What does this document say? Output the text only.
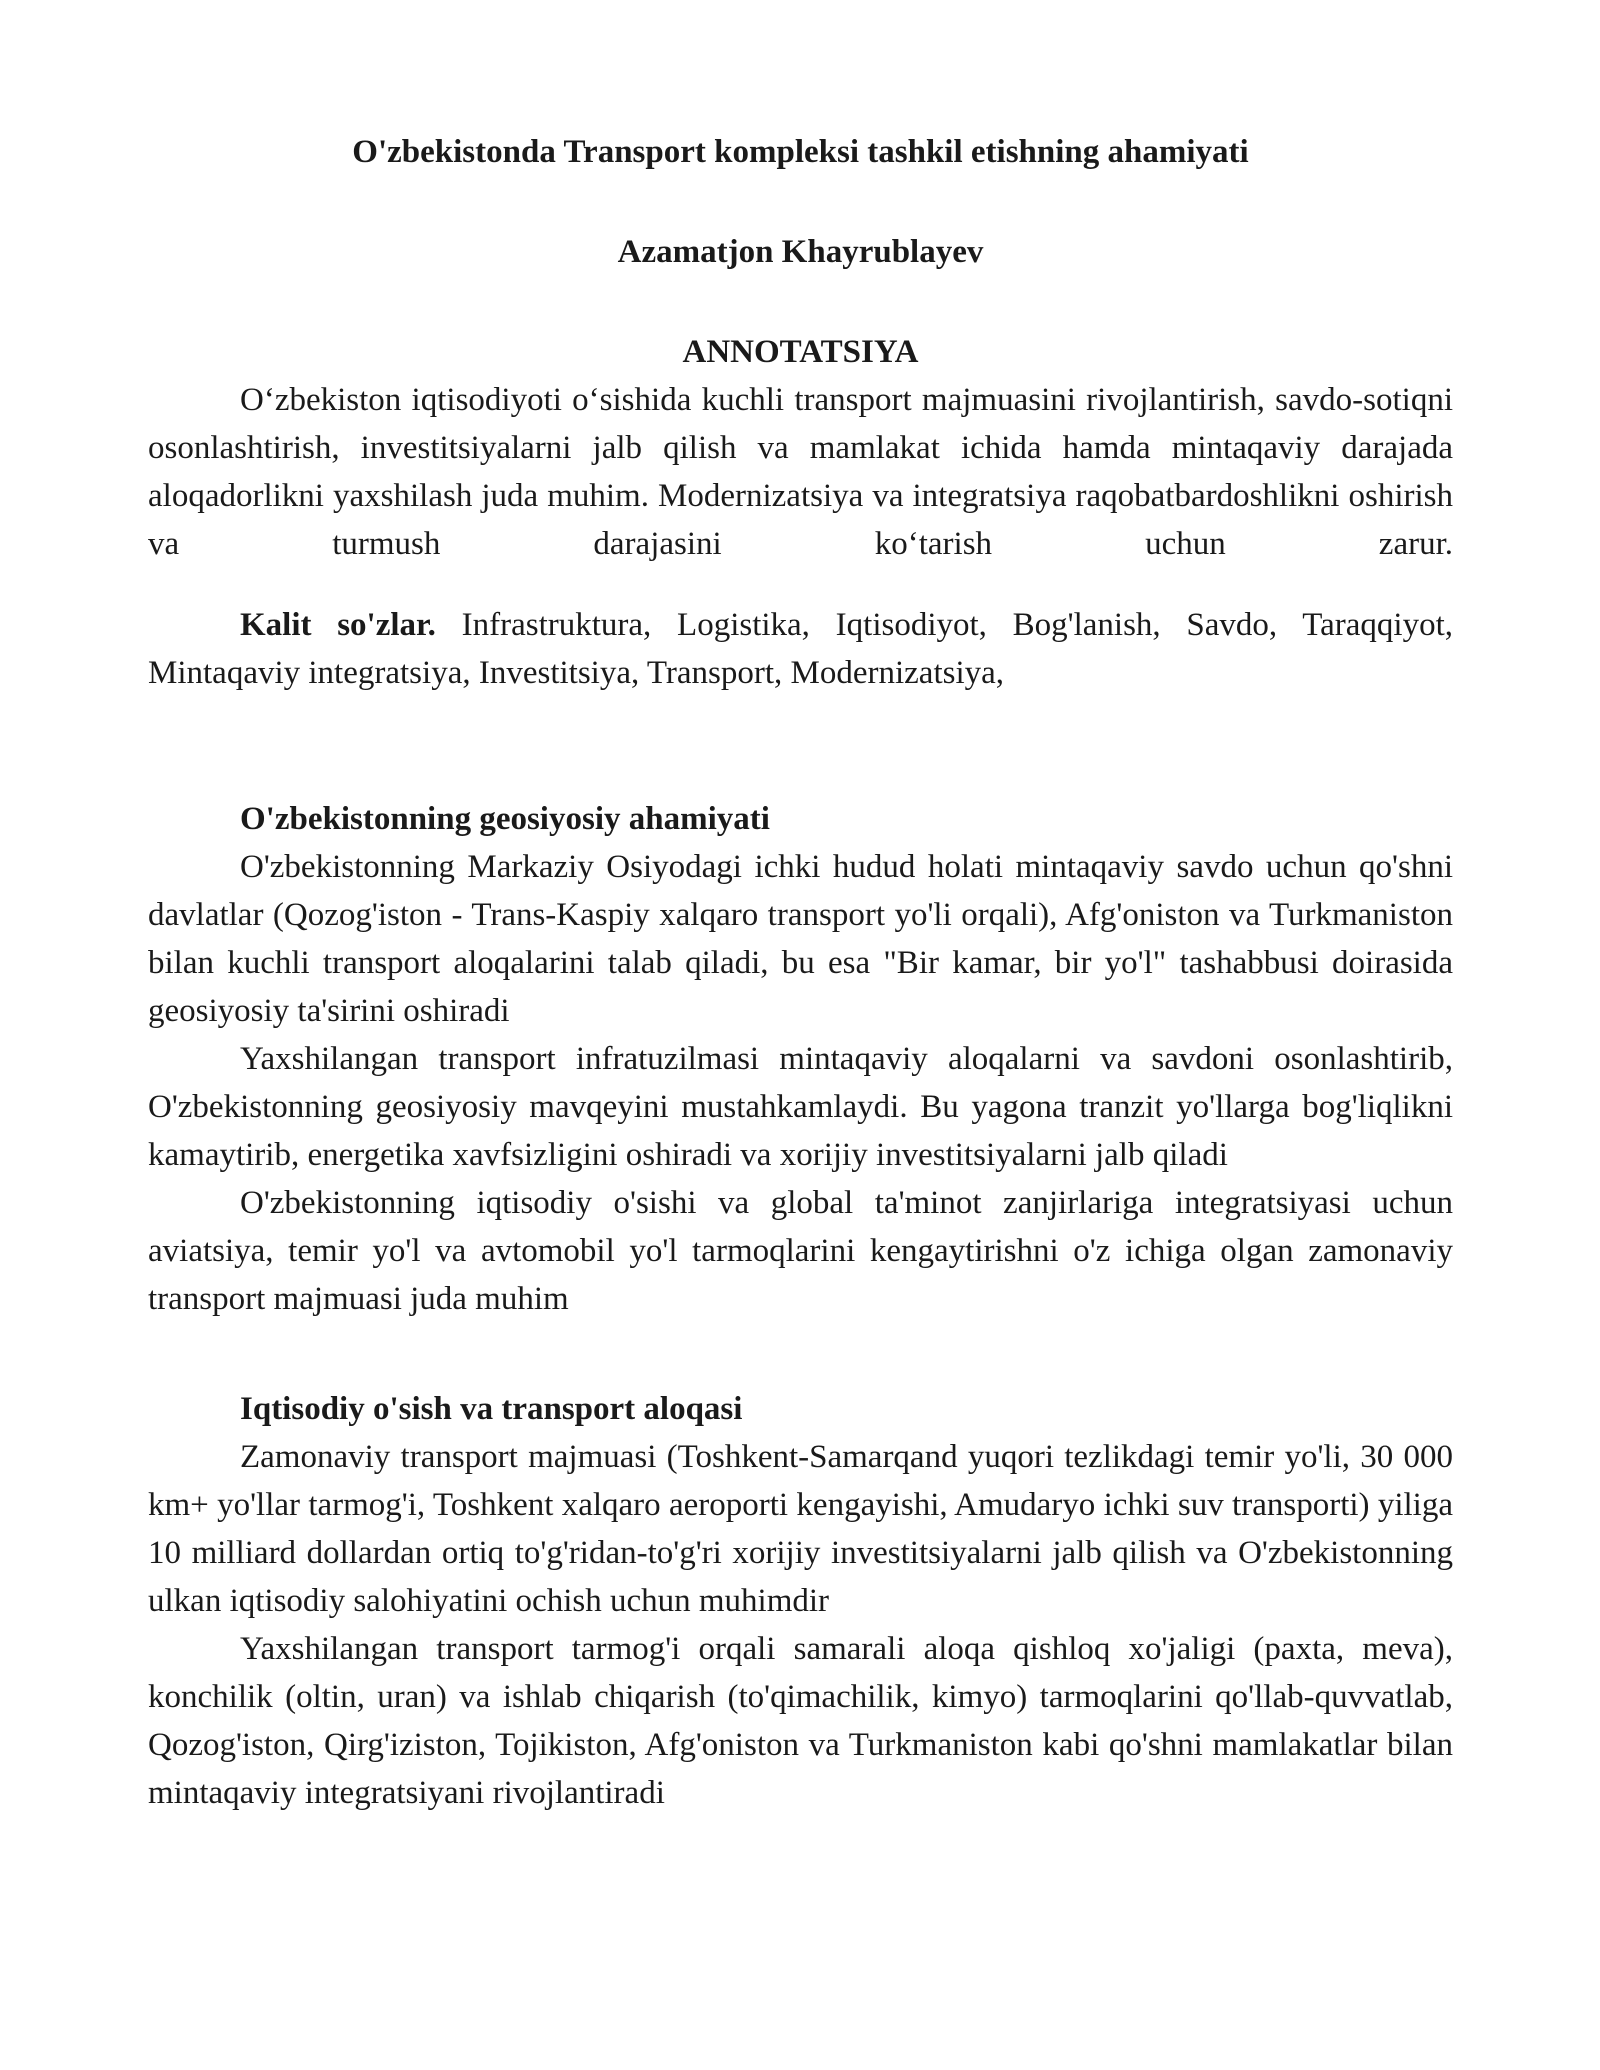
O'zbekistonda Transport kompleksi tashkil etishning ahamiyati
Azamatjon Khayrublayev
ANNOTATSIYA

O‘zbekiston iqtisodiyoti o‘sishida kuchli transport majmuasini rivojlantirish, savdo-sotiqni osonlashtirish, investitsiyalarni jalb qilish va mamlakat ichida hamda mintaqaviy darajada aloqadorlikni yaxshilash juda muhim. Modernizatsiya va integratsiya raqobatbardoshlikni oshirish va turmush darajasini ko‘tarish uchun zarur.

Kalit so'zlar. Infrastruktura, Logistika, Iqtisodiyot, Bog'lanish, Savdo, Taraqqiyot, Mintaqaviy integratsiya, Investitsiya, Transport, Modernizatsiya,

O'zbekistonning geosiyosiy ahamiyati

O'zbekistonning Markaziy Osiyodagi ichki hudud holati mintaqaviy savdo uchun qo'shni davlatlar (Qozog'iston - Trans-Kaspiy xalqaro transport yo'li orqali), Afg'oniston va Turkmaniston bilan kuchli transport aloqalarini talab qiladi, bu esa "Bir kamar, bir yo'l" tashabbusi doirasida geosiyosiy ta'sirini oshiradi

Yaxshilangan transport infratuzilmasi mintaqaviy aloqalarni va savdoni osonlashtirib, O'zbekistonning geosiyosiy mavqeyini mustahkamlaydi. Bu yagona tranzit yo'llarga bog'liqlikni kamaytirib, energetika xavfsizligini oshiradi va xorijiy investitsiyalarni jalb qiladi

O'zbekistonning iqtisodiy o'sishi va global ta'minot zanjirlariga integratsiyasi uchun aviatsiya, temir yo'l va avtomobil yo'l tarmoqlarini kengaytirishni o'z ichiga olgan zamonaviy transport majmuasi juda muhim

Iqtisodiy o'sish va transport aloqasi

Zamonaviy transport majmuasi (Toshkent-Samarqand yuqori tezlikdagi temir yo'li, 30 000 km+ yo'llar tarmog'i, Toshkent xalqaro aeroporti kengayishi, Amudaryo ichki suv transporti) yiliga 10 milliard dollardan ortiq to'g'ridan-to'g'ri xorijiy investitsiyalarni jalb qilish va O'zbekistonning ulkan iqtisodiy salohiyatini ochish uchun muhimdir

Yaxshilangan transport tarmog'i orqali samarali aloqa qishloq xo'jaligi (paxta, meva), konchilik (oltin, uran) va ishlab chiqarish (to'qimachilik, kimyo) tarmoqlarini qo'llab-quvvatlab, Qozog'iston, Qirg'iziston, Tojikiston, Afg'oniston va Turkmaniston kabi qo'shni mamlakatlar bilan mintaqaviy integratsiyani rivojlantiradi
